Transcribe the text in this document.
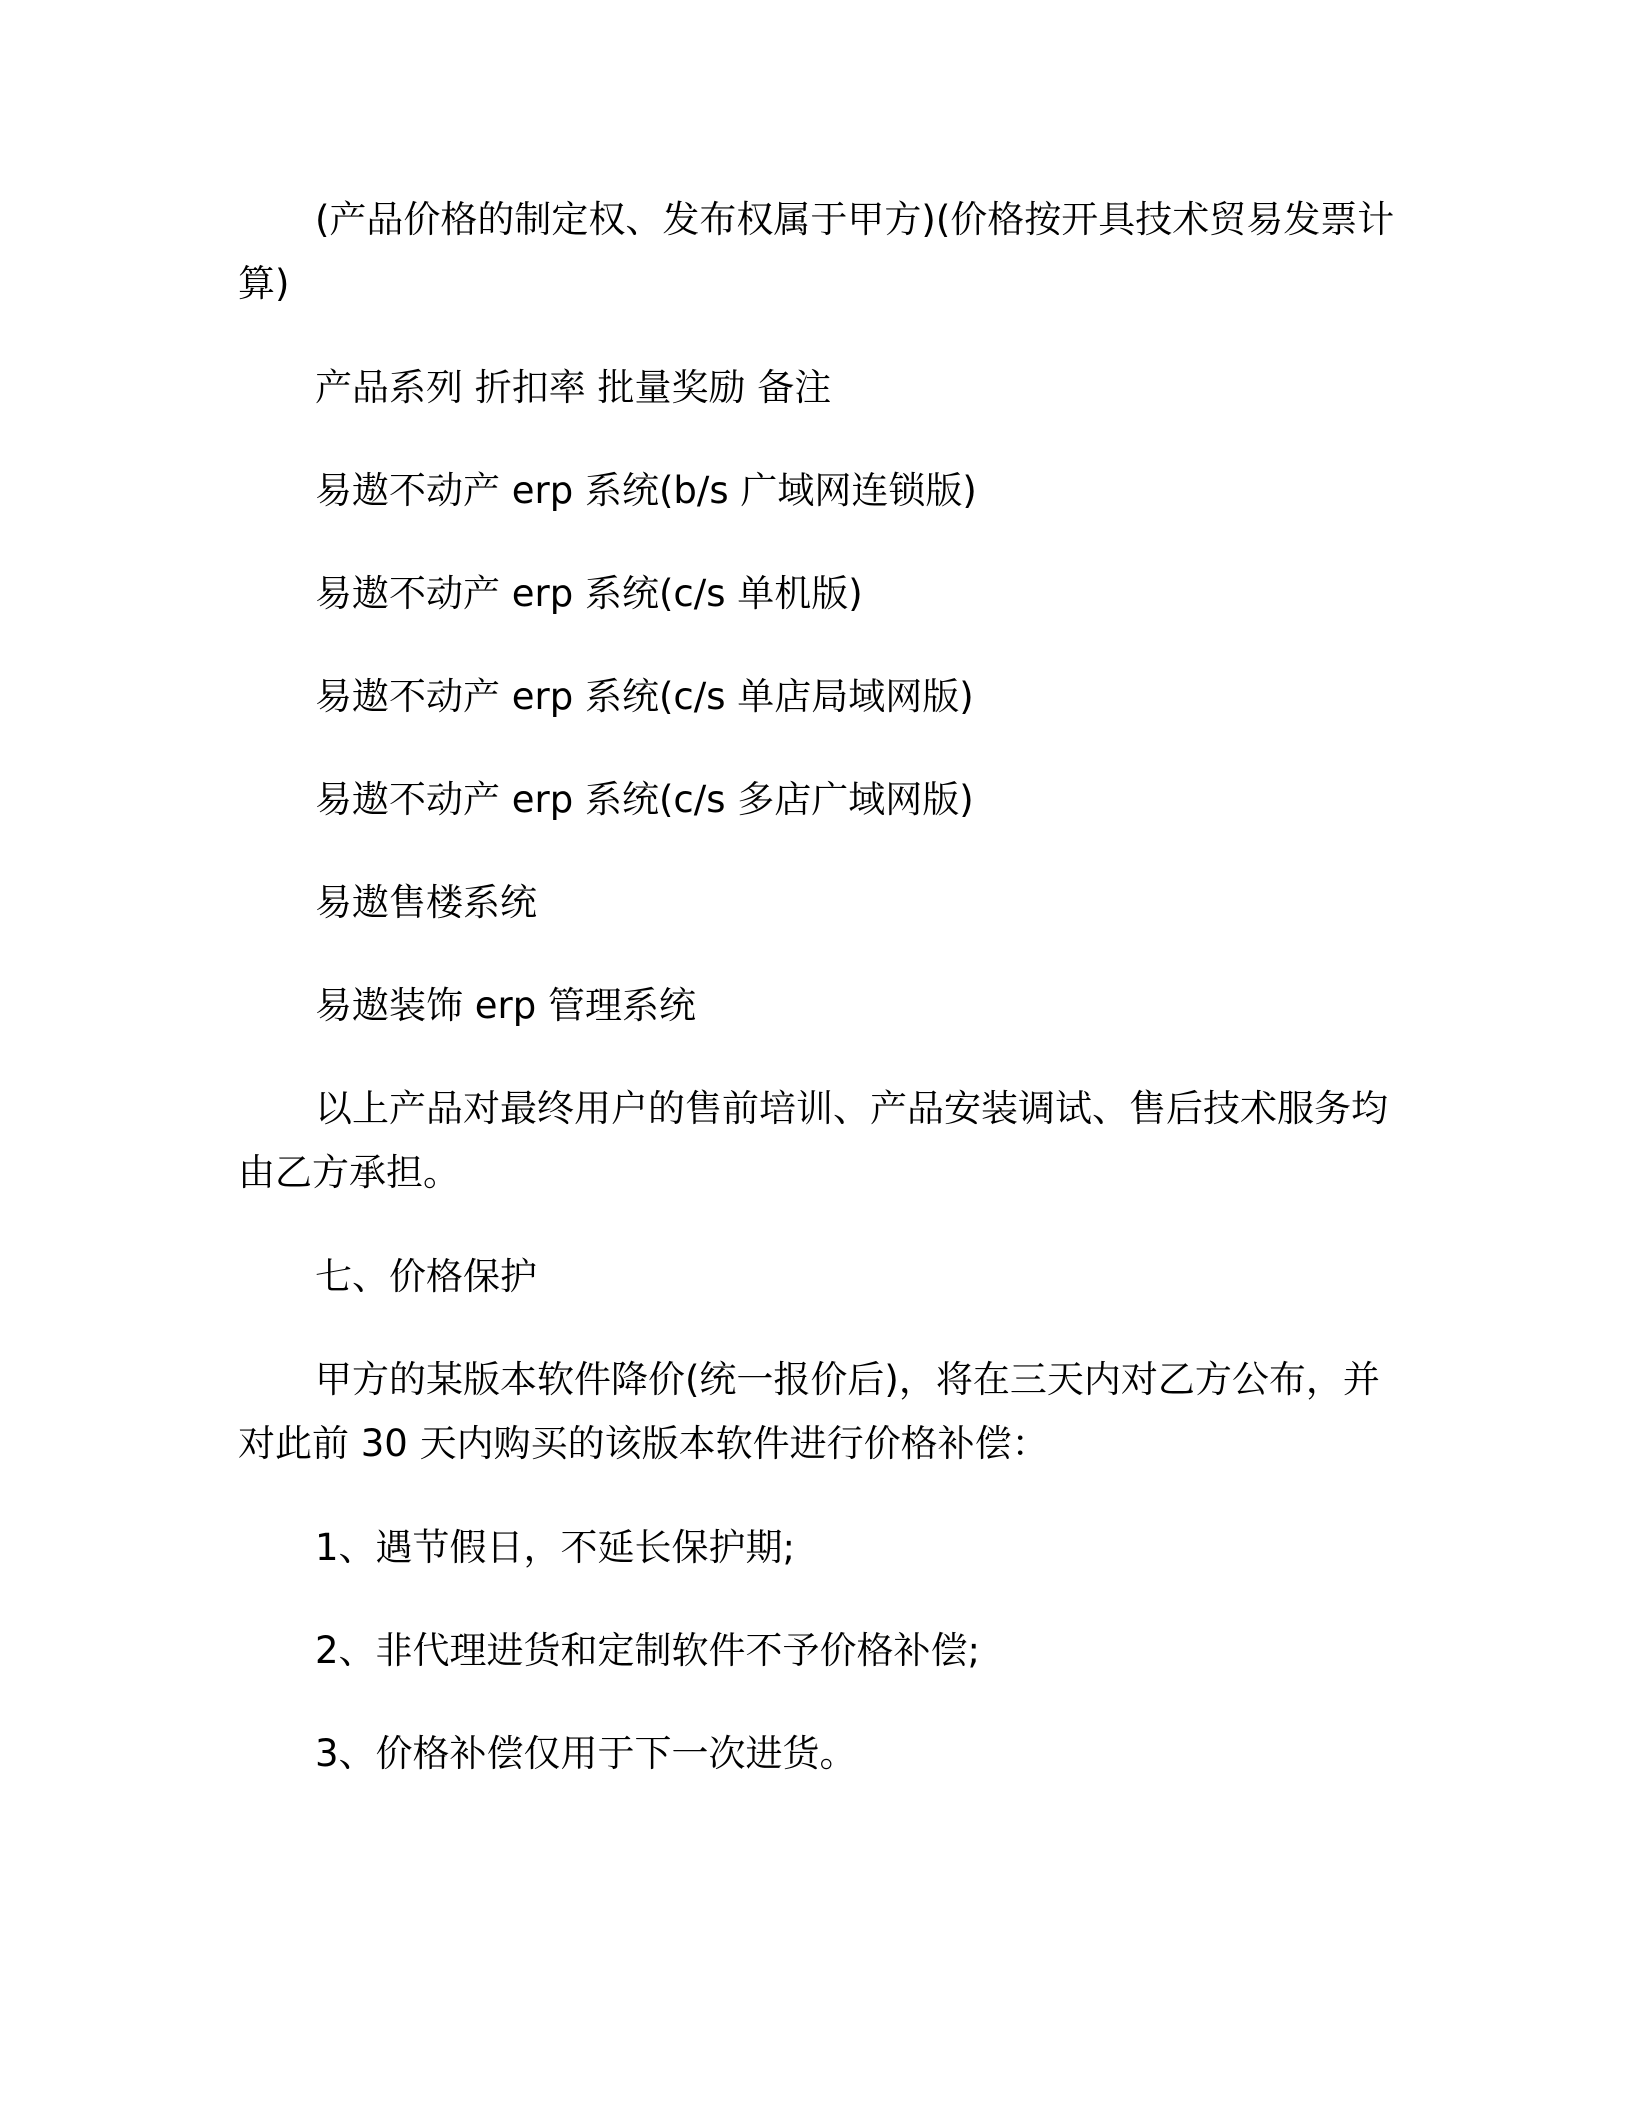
(产品价格的制定权、发布权属于甲方)(价格按开具技术贸易发票计算)

产品系列 折扣率 批量奖励 备注

易遨不动产 erp 系统(b/s 广域网连锁版)

易遨不动产 erp 系统(c/s 单机版)

易遨不动产 erp 系统(c/s 单店局域网版)

易遨不动产 erp 系统(c/s 多店广域网版)

易遨售楼系统

易遨装饰 erp 管理系统

以上产品对最终用户的售前培训、产品安装调试、售后技术服务均由乙方承担。

七、价格保护

甲方的某版本软件降价(统一报价后)，将在三天内对乙方公布，并对此前 30 天内购买的该版本软件进行价格补偿：

1、遇节假日，不延长保护期;

2、非代理进货和定制软件不予价格补偿;

3、价格补偿仅用于下一次进货。
